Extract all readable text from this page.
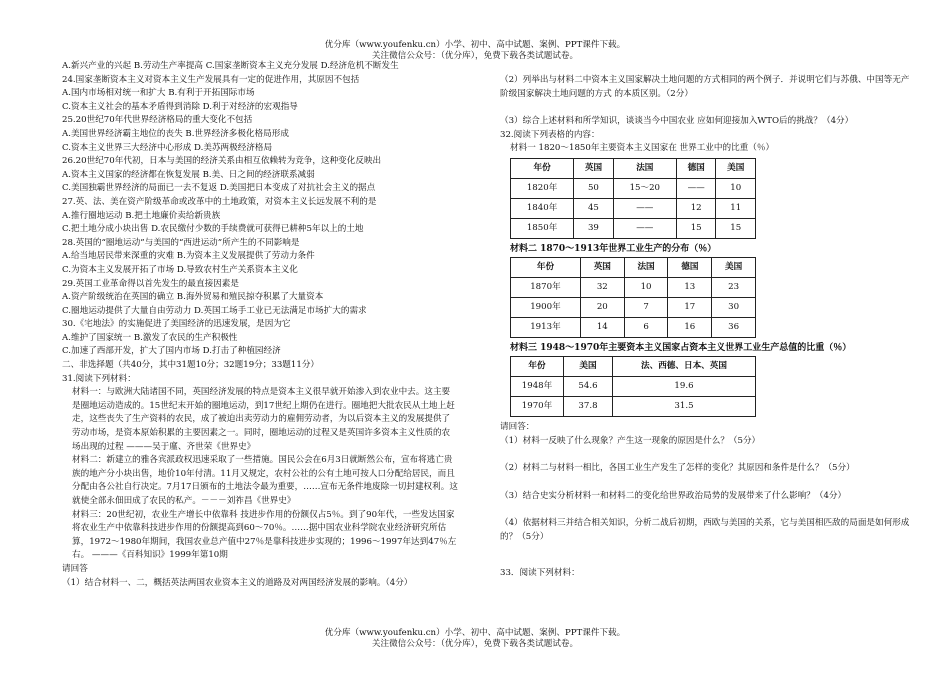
优分库（www.youfenku.cn）小学、初中、高中试题、案例、PPT课件下载。
关注微信公众号：（优分库），免费下载各类试题试卷。

A.新兴产业的兴起 B.劳动生产率提高 C.国家垄断资本主义充分发展 D.经济危机不断发生

24.国家垄断资本主义对资本主义生产发展具有一定的促进作用，其原因不包括

A.国内市场相对统一和扩大 B.有利于开拓国际市场

C.资本主义社会的基本矛盾得到消除 D.利于对经济的宏观指导

25.20世纪70年代世界经济格局的重大变化不包括

A.美国世界经济霸主地位的丧失 B.世界经济多极化格局形成

C.资本主义世界三大经济中心形成 D.美苏两极经济格局

26.20世纪70年代初，日本与美国的经济关系由相互依赖转为竞争，这种变化反映出

A.资本主义国家的经济都在恢复发展 B.美、日之间的经济联系减弱

C.美国独霸世界经济的局面已一去不复返 D.美国把日本变成了对抗社会主义的据点

27.英、法、美在资产阶级革命或改革中的土地政策，对资本主义长远发展不利的是

A.推行圈地运动 B.把土地廉价卖给新贵族

C.把土地分成小块出售 D.农民缴付少数的手续费就可获得已耕种5年以上的土地

28.英国的“圈地运动”与美国的“西进运动”所产生的不同影响是

A.给当地居民带来深重的灾难 B.为资本主义发展提供了劳动力条件

C.为资本主义发展开拓了市场 D.导致农村生产关系资本主义化

29.英国工业革命得以首先发生的最直接因素是

A.资产阶级统治在英国的确立 B.海外贸易和殖民掠夺积累了大量资本

C.圈地运动提供了大量自由劳动力 D.英国工场手工业已无法满足市场扩大的需求

30.《宅地法》的实施促进了美国经济的迅速发展，是因为它

A.维护了国家统一 B.激发了农民的生产积极性

C.加速了西部开发，扩大了国内市场 D.打击了种植园经济

二、非选择题（共40分，其中31题10分；32题19分；33题11分）

31.阅读下列材料：

材料一：与欧洲大陆诸国不同，英国经济发展的特点是资本主义很早就开始渗入到农业中去。这主要是圈地运动造成的。15世纪末开始的圈地运动，到17世纪上期仍在进行。圈地把大批农民从土地上赶走，这些丧失了生产资料的农民，成了被迫出卖劳动力的雇佣劳动者，为以后资本主义的发展提供了劳动市场，是资本原始积累的主要因素之一。同时，圈地运动的过程又是英国许多资本主义性质的农场出现的过程 ———吴于廑、齐世荣《世界史》

材料二：新建立的雅各宾派政权迅速采取了一些措施。国民公会在6月3日就断然公布，宣布将逃亡贵族的地产分小块出售，地价10年付清。11月又规定，农村公社的公有土地可按人口分配给居民，而且分配由各公社自行决定。7月17日颁布的土地法令最为重要，……宣布无条件地废除一切封建权利。这就使全部永佃田成了农民的私产。－－－刘祚昌《世界史》

材料三：20世纪初，农业生产增长中依靠科 技进步作用的份额仅占5％。到了90年代，一些发达国家将农业生产中依靠科技进步作用的份额提高到60～70％。……据中国农业科学院农业经济研究所估算，1972～1980年期间，我国农业总产值中27％是靠科技进步实现的；1996～1997年达到47％左右。 ———《百科知识》1999年第10期

请回答

（1）结合材料一、二，概括英法两国农业资本主义的道路及对两国经济发展的影响。（4分）

（2）列举出与材料二中资本主义国家解决土地问题的方式相同的两个例子．并说明它们与苏俄、中国等无产阶级国家解决土地问题的方式 的本质区别。（2分）

（3）综合上述材料和所学知识，谈谈当今中国农业 应如何迎接加入WTO后的挑战？（4分）

32.阅读下列表格的内容：

材料一 1820～1850年主要资本主义国家在 世界工业中的比重（％）

年份	英国	法国	德国	美国
1820年	50	15～20	——	10
1840年	45	——	12	11
1850年	39	——	15	15

材料二 1870～1913年世界工业生产的分布（％）

年份	英国	法国	德国	美国
1870年	32	10	13	23
1900年	20	7	17	30
1913年	14	6	16	36

材料三 1948～1970年主要资本主义国家占资本主义世界工业生产总值的比重（％）

年份	美国	法、西德、日本、英国
1948年	54.6	19.6
1970年	37.8	31.5

请回答：

（1）材料一反映了什么现象？产生这一现象的原因是什么？（5分）

（2）材料二与材料一相比，各国工业生产发生了怎样的变化？其原因和条件是什么？（5分）

（3）结合史实分析材料一和材料二的变化给世界政治局势的发展带来了什么影响？（4分）

（4）依据材料三并结合相关知识，分析二战后初期，西欧与美国的关系，它与美国相匹敌的局面是如何形成的？（5分）

33．阅读下列材料：

优分库（www.youfenku.cn）小学、初中、高中试题、案例、PPT课件下载。
关注微信公众号：（优分库），免费下载各类试题试卷。
